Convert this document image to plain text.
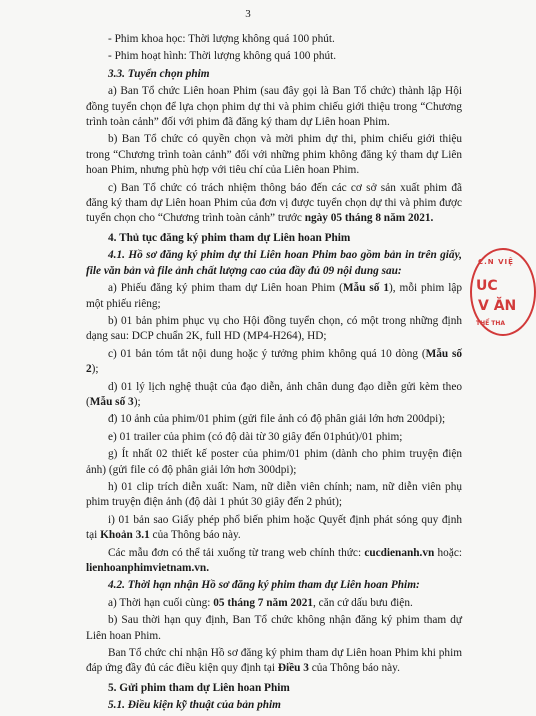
3

- Phim khoa học: Thời lượng không quá 100 phút.

- Phim hoạt hình: Thời lượng không quá 100 phút.

3.3. Tuyển chọn phim

a) Ban Tổ chức Liên hoan Phim (sau đây gọi là Ban Tổ chức) thành lập Hội đồng tuyển chọn để lựa chọn phim dự thi và phim chiếu giới thiệu trong “Chương trình toàn cảnh” đối với phim đã đăng ký tham dự Liên hoan Phim.

b) Ban Tổ chức có quyền chọn và mời phim dự thi, phim chiếu giới thiệu trong “Chương trình toàn cảnh” đối với những phim không đăng ký tham dự Liên hoan Phim, nhưng phù hợp với tiêu chí của Liên hoan Phim.

c) Ban Tổ chức có trách nhiệm thông báo đến các cơ sở sản xuất phim đã đăng ký tham dự Liên hoan Phim của đơn vị được tuyển chọn dự thi và phim được tuyển chọn cho “Chương trình toàn cảnh” trước ngày 05 tháng 8 năm 2021.

4. Thủ tục đăng ký phim tham dự Liên hoan Phim

4.1. Hồ sơ đăng ký phim dự thi Liên hoan Phim bao gồm bản in trên giấy, file văn bản và file ảnh chất lượng cao của đầy đủ 09 nội dung sau:

a) Phiếu đăng ký phim tham dự Liên hoan Phim (Mẫu số 1), mỗi phim lập một phiếu riêng;

b) 01 bản phim phục vụ cho Hội đồng tuyển chọn, có một trong những định dạng sau: DCP chuẩn 2K, full HD (MP4-H264), HD;

c) 01 bản tóm tắt nội dung hoặc ý tưởng phim không quá 10 dòng (Mẫu số 2);

d) 01 lý lịch nghệ thuật của đạo diễn, ảnh chân dung đạo diễn gửi kèm theo (Mẫu số 3);

đ) 10 ảnh của phim/01 phim (gửi file ảnh có độ phân giải lớn hơn 200dpi);

e) 01 trailer của phim (có độ dài từ 30 giây đến 01phút)/01 phim;

g) Ít nhất 02 thiết kế poster của phim/01 phim (dành cho phim truyện điện ảnh) (gửi file có độ phân giải lớn hơn 300dpi);

h) 01 clip trích diễn xuất: Nam, nữ diễn viên chính; nam, nữ diễn viên phụ phim truyện điện ảnh (độ dài 1 phút 30 giây đến 2 phút);

i) 01 bản sao Giấy phép phổ biến phim hoặc Quyết định phát sóng quy định tại Khoản 3.1 của Thông báo này.

Các mẫu đơn có thể tải xuống từ trang web chính thức: cucdienanh.vn hoặc: lienhoanphimvietnam.vn.

4.2. Thời hạn nhận Hồ sơ đăng ký phim tham dự Liên hoan Phim:

a) Thời hạn cuối cùng: 05 tháng 7 năm 2021, căn cứ dấu bưu điện.

b) Sau thời hạn quy định, Ban Tổ chức không nhận đăng ký phim tham dự Liên hoan Phim.

Ban Tổ chức chỉ nhận Hồ sơ đăng ký phim tham dự Liên hoan Phim khi phim đáp ứng đầy đủ các điều kiện quy định tại Điều 3 của Thông báo này.

5. Gửi phim tham dự Liên hoan Phim

5.1. Điều kiện kỹ thuật của bản phim

C.N VIỆ
UC
V ĂN
THỂ THA
